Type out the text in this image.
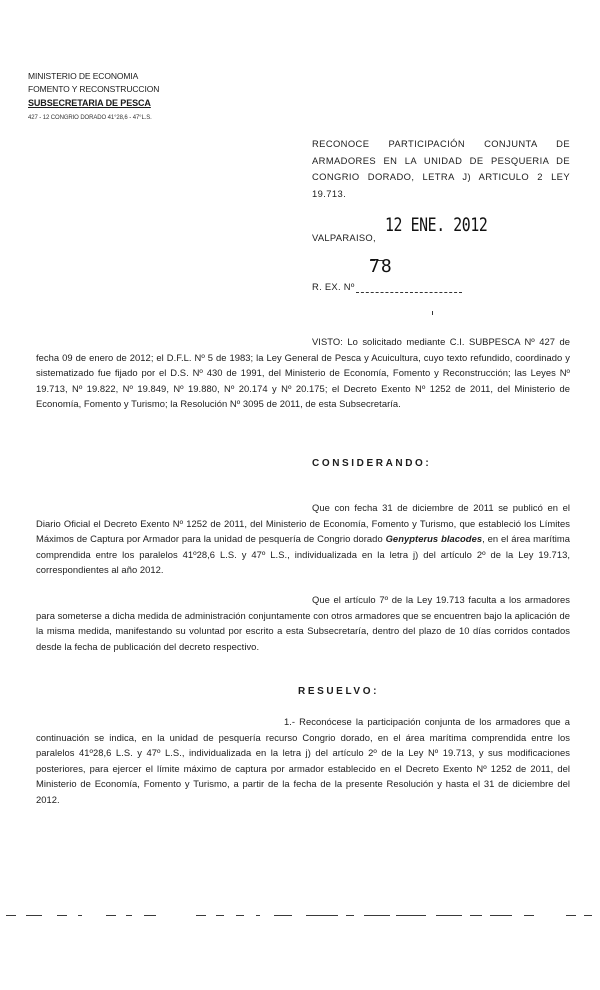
MINISTERIO DE ECONOMIA
FOMENTO Y RECONSTRUCCION
SUBSECRETARIA DE PESCA
427 - 12 CONGRIO DORADO 41°28,6 - 47°L.S.
RECONOCE PARTICIPACIÓN CONJUNTA DE ARMADORES EN LA UNIDAD DE PESQUERIA DE CONGRIO DORADO, LETRA J) ARTICULO 2 LEY 19.713.
12 ENE. 2012
VALPARAISO,
78
R. EX. Nº
VISTO: Lo solicitado mediante C.I. SUBPESCA Nº 427 de fecha 09 de enero de 2012; el D.F.L. Nº 5 de 1983; la Ley General de Pesca y Acuicultura, cuyo texto refundido, coordinado y sistematizado fue fijado por el D.S. Nº 430 de 1991, del Ministerio de Economía, Fomento y Reconstrucción; las Leyes Nº 19.713, Nº 19.822, Nº 19.849, Nº 19.880, Nº 20.174 y Nº 20.175; el Decreto Exento Nº 1252 de 2011, del Ministerio de Economía, Fomento y Turismo; la Resolución Nº 3095 de 2011, de esta Subsecretaría.
CONSIDERANDO:
Que con fecha 31 de diciembre de 2011 se publicó en el Diario Oficial el Decreto Exento Nº 1252 de 2011, del Ministerio de Economía, Fomento y Turismo, que estableció los Límites Máximos de Captura por Armador para la unidad de pesquería de Congrio dorado Genypterus blacodes, en el área marítima comprendida entre los paralelos 41º28,6 L.S. y 47º L.S., individualizada en la letra j) del artículo 2º de la Ley 19.713, correspondientes al año 2012.
Que el artículo 7º de la Ley 19.713 faculta a los armadores para someterse a dicha medida de administración conjuntamente con otros armadores que se encuentren bajo la aplicación de la misma medida, manifestando su voluntad por escrito a esta Subsecretaría, dentro del plazo de 10 días corridos contados desde la fecha de publicación del decreto respectivo.
RESUELVO:
1.- Reconócese la participación conjunta de los armadores que a continuación se indica, en la unidad de pesquería recurso Congrio dorado, en el área marítima comprendida entre los paralelos 41º28,6 L.S. y 47º L.S., individualizada en la letra j) del artículo 2º de la Ley Nº 19.713, y sus modificaciones posteriores, para ejercer el límite máximo de captura por armador establecido en el Decreto Exento Nº 1252 de 2011, del Ministerio de Economía, Fomento y Turismo, a partir de la fecha de la presente Resolución y hasta el 31 de diciembre del 2012.
